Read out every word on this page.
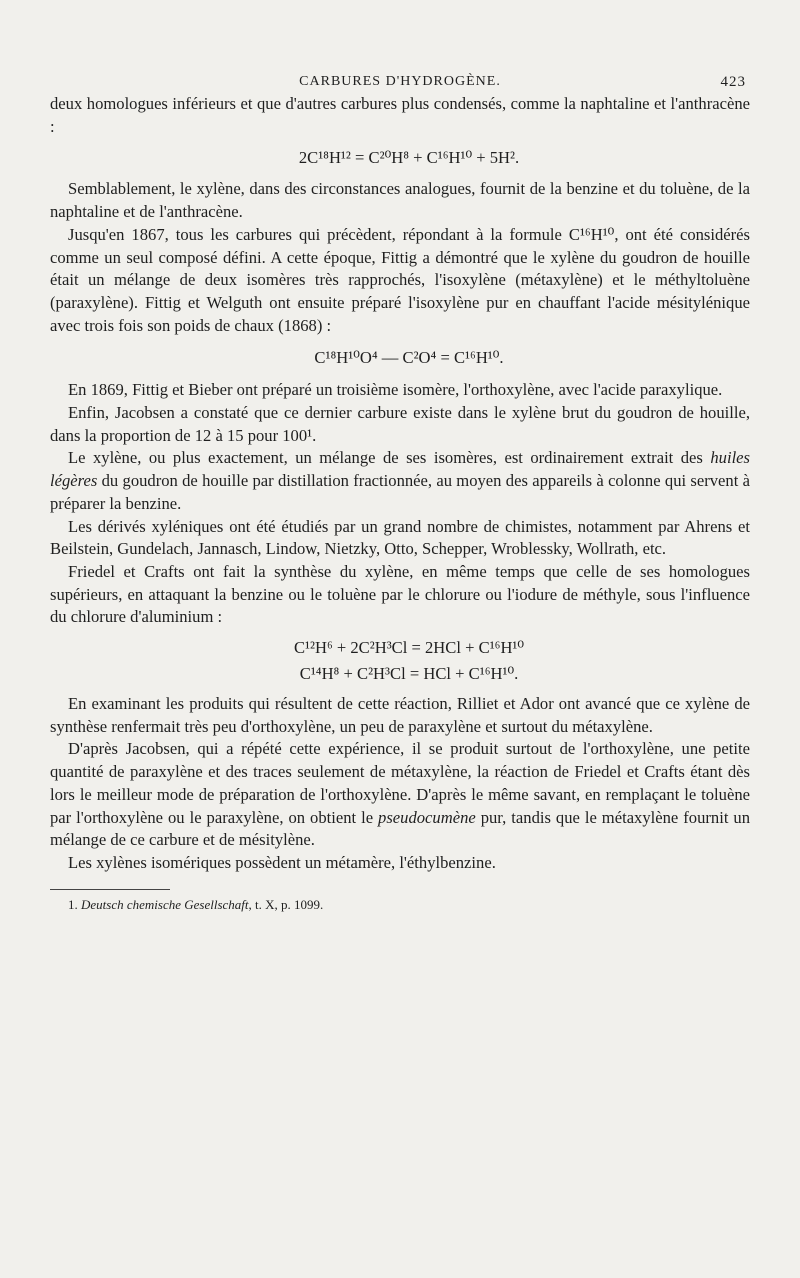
CARBURES D'HYDROGÈNE.	423

deux homologues inférieurs et que d'autres carbures plus condensés, comme la naphtaline et l'anthracène :

2C¹⁸H¹² = C²⁰H⁸ + C¹⁶H¹⁰ + 5H².

Semblablement, le xylène, dans des circonstances analogues, fournit de la benzine et du toluène, de la naphtaline et de l'anthracène.

Jusqu'en 1867, tous les carbures qui précèdent, répondant à la formule C¹⁶H¹⁰, ont été considérés comme un seul composé défini. A cette époque, Fittig a démontré que le xylène du goudron de houille était un mélange de deux isomères très rapprochés, l'isoxylène (métaxylène) et le méthyltoluène (paraxylène). Fittig et Welguth ont ensuite préparé l'isoxylène pur en chauffant l'acide mésitylénique avec trois fois son poids de chaux (1868) :

C¹⁸H¹⁰O⁴ — C²O⁴ = C¹⁶H¹⁰.

En 1869, Fittig et Bieber ont préparé un troisième isomère, l'orthoxylène, avec l'acide paraxylique.

Enfin, Jacobsen a constaté que ce dernier carbure existe dans le xylène brut du goudron de houille, dans la proportion de 12 à 15 pour 100¹.

Le xylène, ou plus exactement, un mélange de ses isomères, est ordinairement extrait des huiles légères du goudron de houille par distillation fractionnée, au moyen des appareils à colonne qui servent à préparer la benzine.

Les dérivés xyléniques ont été étudiés par un grand nombre de chimistes, notamment par Ahrens et Beilstein, Gundelach, Jannasch, Lindow, Nietzky, Otto, Schepper, Wroblessky, Wollrath, etc.

Friedel et Crafts ont fait la synthèse du xylène, en même temps que celle de ses homologues supérieurs, en attaquant la benzine ou le toluène par le chlorure ou l'iodure de méthyle, sous l'influence du chlorure d'aluminium :

C¹²H⁶ + 2C²H³Cl = 2HCl + C¹⁶H¹⁰

C¹⁴H⁸ + C²H³Cl = HCl + C¹⁶H¹⁰.

En examinant les produits qui résultent de cette réaction, Rilliet et Ador ont avancé que ce xylène de synthèse renfermait très peu d'orthoxylène, un peu de paraxylène et surtout du métaxylène.

D'après Jacobsen, qui a répété cette expérience, il se produit surtout de l'orthoxylène, une petite quantité de paraxylène et des traces seulement de métaxylène, la réaction de Friedel et Crafts étant dès lors le meilleur mode de préparation de l'orthoxylène. D'après le même savant, en remplaçant le toluène par l'orthoxylène ou le paraxylène, on obtient le pseudocumène pur, tandis que le métaxylène fournit un mélange de ce carbure et de mésitylène.

Les xylènes isomériques possèdent un métamère, l'éthylbenzine.

1. Deutsch chemische Gesellschaft, t. X, p. 1099.
